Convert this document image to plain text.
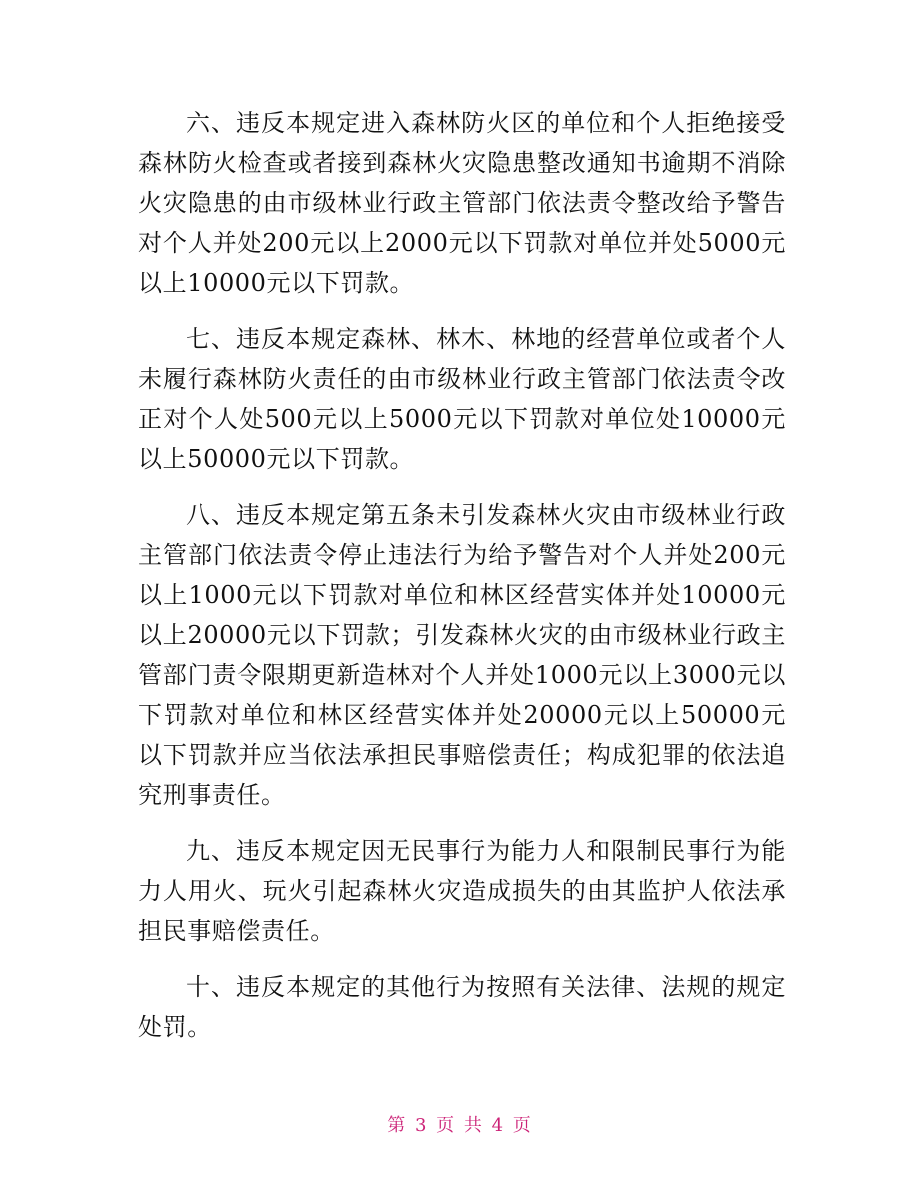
六、违反本规定进入森林防火区的单位和个人拒绝接受森林防火检查或者接到森林火灾隐患整改通知书逾期不消除火灾隐患的由市级林业行政主管部门依法责令整改给予警告对个人并处200元以上2000元以下罚款对单位并处5000元以上10000元以下罚款。

七、违反本规定森林、林木、林地的经营单位或者个人未履行森林防火责任的由市级林业行政主管部门依法责令改正对个人处500元以上5000元以下罚款对单位处10000元以上50000元以下罚款。

八、违反本规定第五条未引发森林火灾由市级林业行政主管部门依法责令停止违法行为给予警告对个人并处200元以上1000元以下罚款对单位和林区经营实体并处10000元以上20000元以下罚款；引发森林火灾的由市级林业行政主管部门责令限期更新造林对个人并处1000元以上3000元以下罚款对单位和林区经营实体并处20000元以上50000元以下罚款并应当依法承担民事赔偿责任；构成犯罪的依法追究刑事责任。

九、违反本规定因无民事行为能力人和限制民事行为能力人用火、玩火引起森林火灾造成损失的由其监护人依法承担民事赔偿责任。

十、违反本规定的其他行为按照有关法律、法规的规定处罚。

第 3 页 共 4 页
